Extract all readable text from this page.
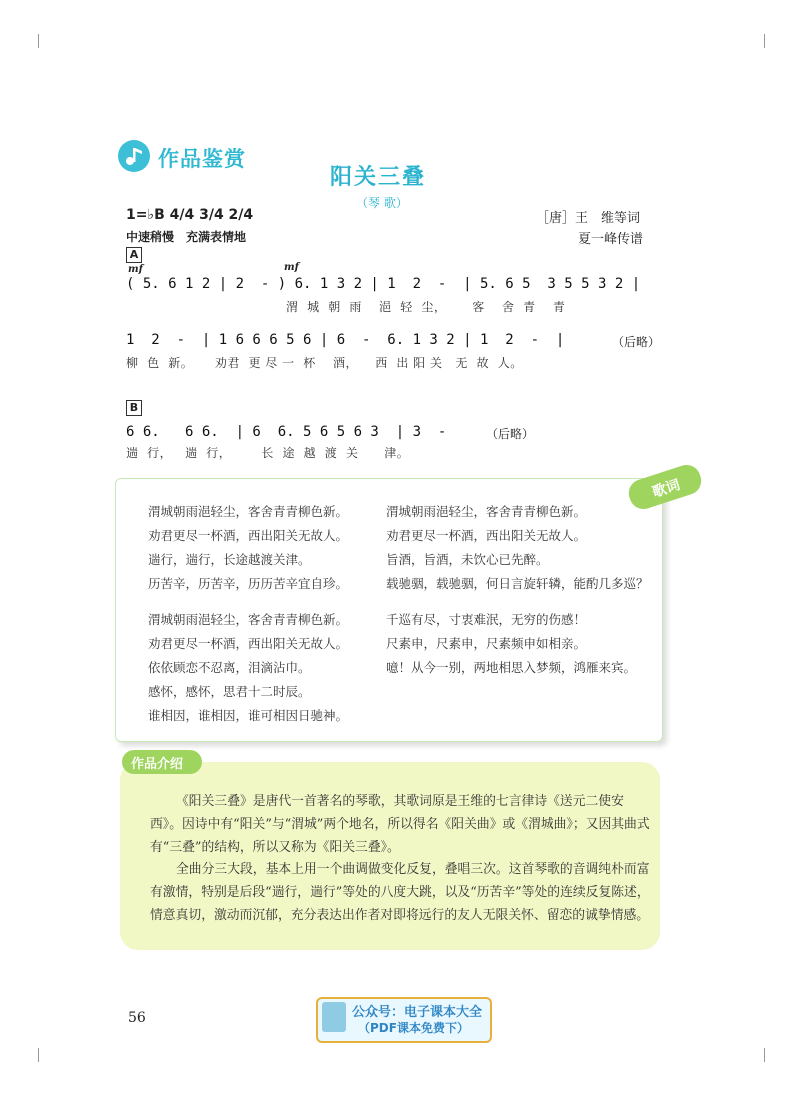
作品鉴赏
阳关三叠
（琴 歌）
1=♭B 4/4 3/4 2/4
中速稍慢　充满表情地
［唐］王　维等词
夏一峰传谱
A
mf	mf
( 5. 6 1 2 | 2  - ) 6. 1 3 2 | 1  2  -  | 5. 6 5  3 5 5 3 2 |
渭  城  朝  雨    浥  轻  尘，      客    舍  青    青
1  2  -  | 1 6 6 6 5 6 | 6  -  6. 1 3 2 | 1  2  -  |	（后略）
柳  色  新。     劝君  更 尽 一  杯    酒，    西  出 阳 关   无  故  人。
B
6 6.   6 6.  | 6  6. 5 6 5 6 3  | 3  -	（后略）
遄  行，   遄  行，       长  途  越  渡  关      津。
歌词
渭城朝雨浥轻尘，客舍青青柳色新。
劝君更尽一杯酒，西出阳关无故人。
遄行，遄行，长途越渡关津。
历苦辛，历苦辛，历历苦辛宜自珍。
渭城朝雨浥轻尘，客舍青青柳色新。
劝君更尽一杯酒，西出阳关无故人。
依依顾恋不忍离，泪滴沾巾。
感怀，感怀，思君十二时辰。
谁相因，谁相因，谁可相因日驰神。
渭城朝雨浥轻尘，客舍青青柳色新。
劝君更尽一杯酒，西出阳关无故人。
旨酒，旨酒，未饮心已先醉。
载驰骃，载驰骃，何日言旋轩辚，能酌几多巡？
千巡有尽，寸衷难泯，无穷的伤感！
尺素申，尺素申，尺素频申如相亲。
噫！从今一别，两地相思入梦频，鸿雁来宾。
作品介绍
《阳关三叠》是唐代一首著名的琴歌，其歌词原是王维的七言律诗《送元二使安西》。因诗中有“阳关”与“渭城”两个地名，所以得名《阳关曲》或《渭城曲》；又因其曲式有“三叠”的结构，所以又称为《阳关三叠》。
全曲分三大段，基本上用一个曲调做变化反复，叠唱三次。这首琴歌的音调纯朴而富有激情，特别是后段“遄行，遄行”等处的八度大跳，以及“历苦辛”等处的连续反复陈述，情意真切，激动而沉郁，充分表达出作者对即将远行的友人无限关怀、留恋的诚挚情感。
56	公众号：电子课本大全
（PDF课本免费下）
